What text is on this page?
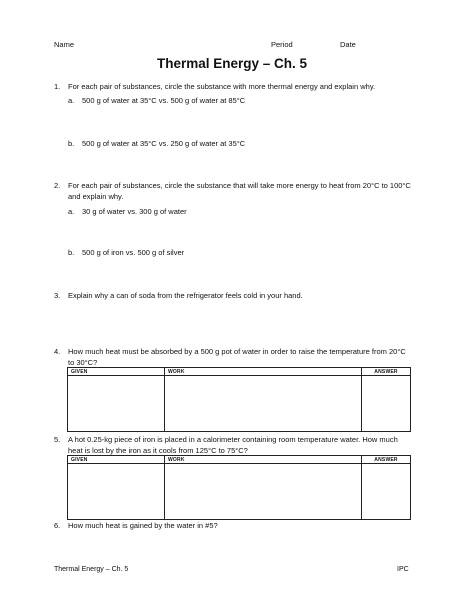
Name	Period	Date
Thermal Energy – Ch. 5
1. For each pair of substances, circle the substance with more thermal energy and explain why.
a. 500 g of water at 35°C vs. 500 g of water at 85°C
b. 500 g of water at 35°C vs. 250 g of water at 35°C
2. For each pair of substances, circle the substance that will take more energy to heat from 20°C to 100°C and explain why.
a. 30 g of water vs. 300 g of water
b. 500 g of iron vs. 500 g of silver
3. Explain why a can of soda from the refrigerator feels cold in your hand.
4. How much heat must be absorbed by a 500 g pot of water in order to raise the temperature from 20°C to 30°C?
GIVEN	WORK	ANSWER

5. A hot 0.25-kg piece of iron is placed in a calorimeter containing room temperature water. How much heat is lost by the iron as it cools from 125°C to 75°C?
GIVEN	WORK	ANSWER

6. How much heat is gained by the water in #5?
Thermal Energy – Ch. 5	IPC
